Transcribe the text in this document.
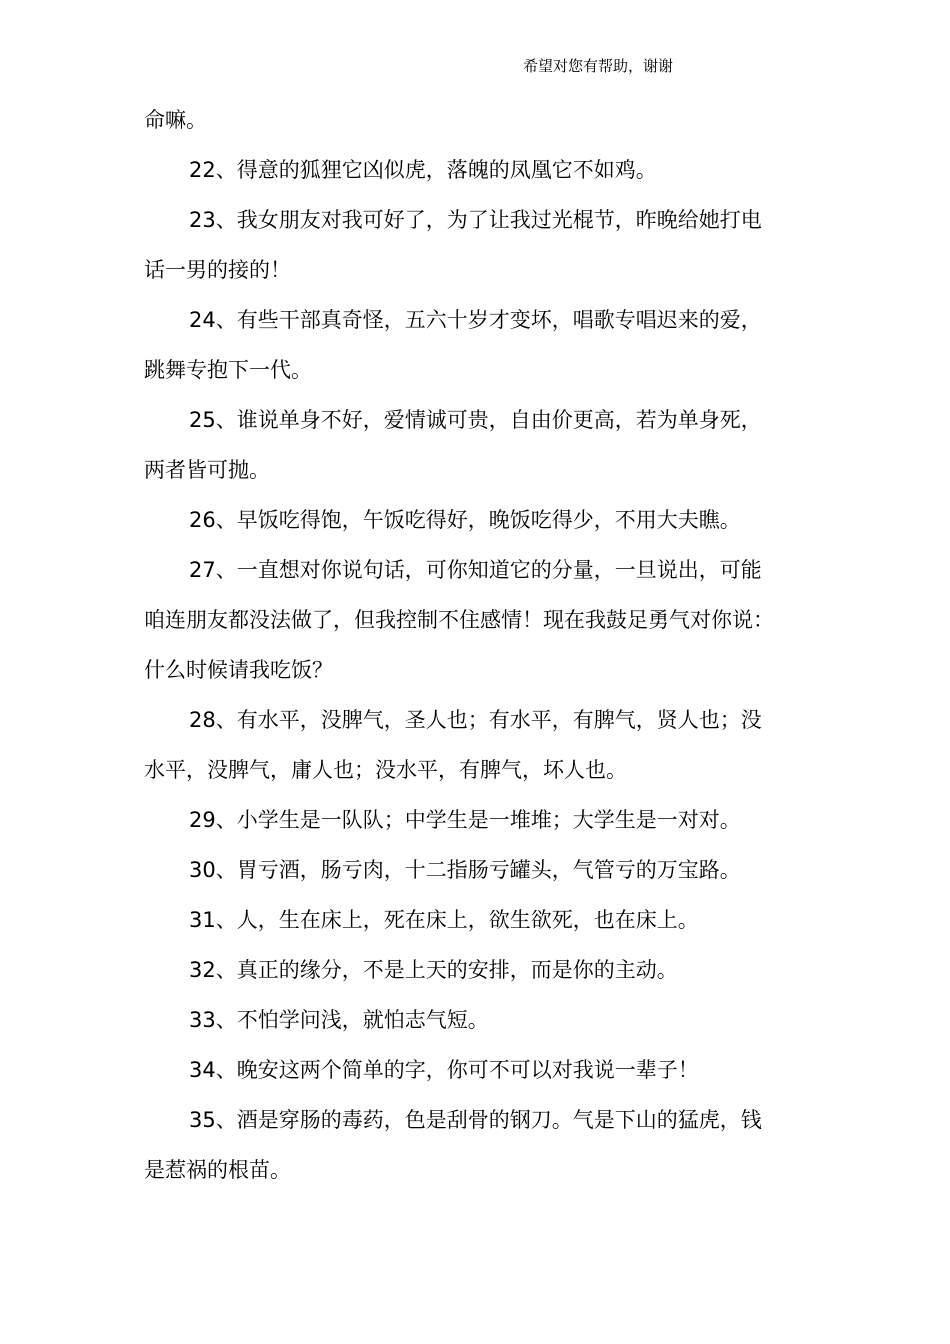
希望对您有帮助，谢谢
命嘛。
22、得意的狐狸它凶似虎，落魄的凤凰它不如鸡。
23、我女朋友对我可好了，为了让我过光棍节，昨晚给她打电
话一男的接的！
24、有些干部真奇怪，五六十岁才变坏，唱歌专唱迟来的爱，
跳舞专抱下一代。
25、谁说单身不好，爱情诚可贵，自由价更高，若为单身死，
两者皆可抛。
26、早饭吃得饱，午饭吃得好，晚饭吃得少，不用大夫瞧。
27、一直想对你说句话，可你知道它的分量，一旦说出，可能
咱连朋友都没法做了，但我控制不住感情！现在我鼓足勇气对你说：
什么时候请我吃饭？
28、有水平，没脾气，圣人也；有水平，有脾气，贤人也；没
水平，没脾气，庸人也；没水平，有脾气，坏人也。
29、小学生是一队队；中学生是一堆堆；大学生是一对对。
30、胃亏酒，肠亏肉，十二指肠亏罐头，气管亏的万宝路。
31、人，生在床上，死在床上，欲生欲死，也在床上。
32、真正的缘分，不是上天的安排，而是你的主动。
33、不怕学问浅，就怕志气短。
34、晚安这两个简单的字，你可不可以对我说一辈子！
35、酒是穿肠的毒药，色是刮骨的钢刀。气是下山的猛虎，钱
是惹祸的根苗。
